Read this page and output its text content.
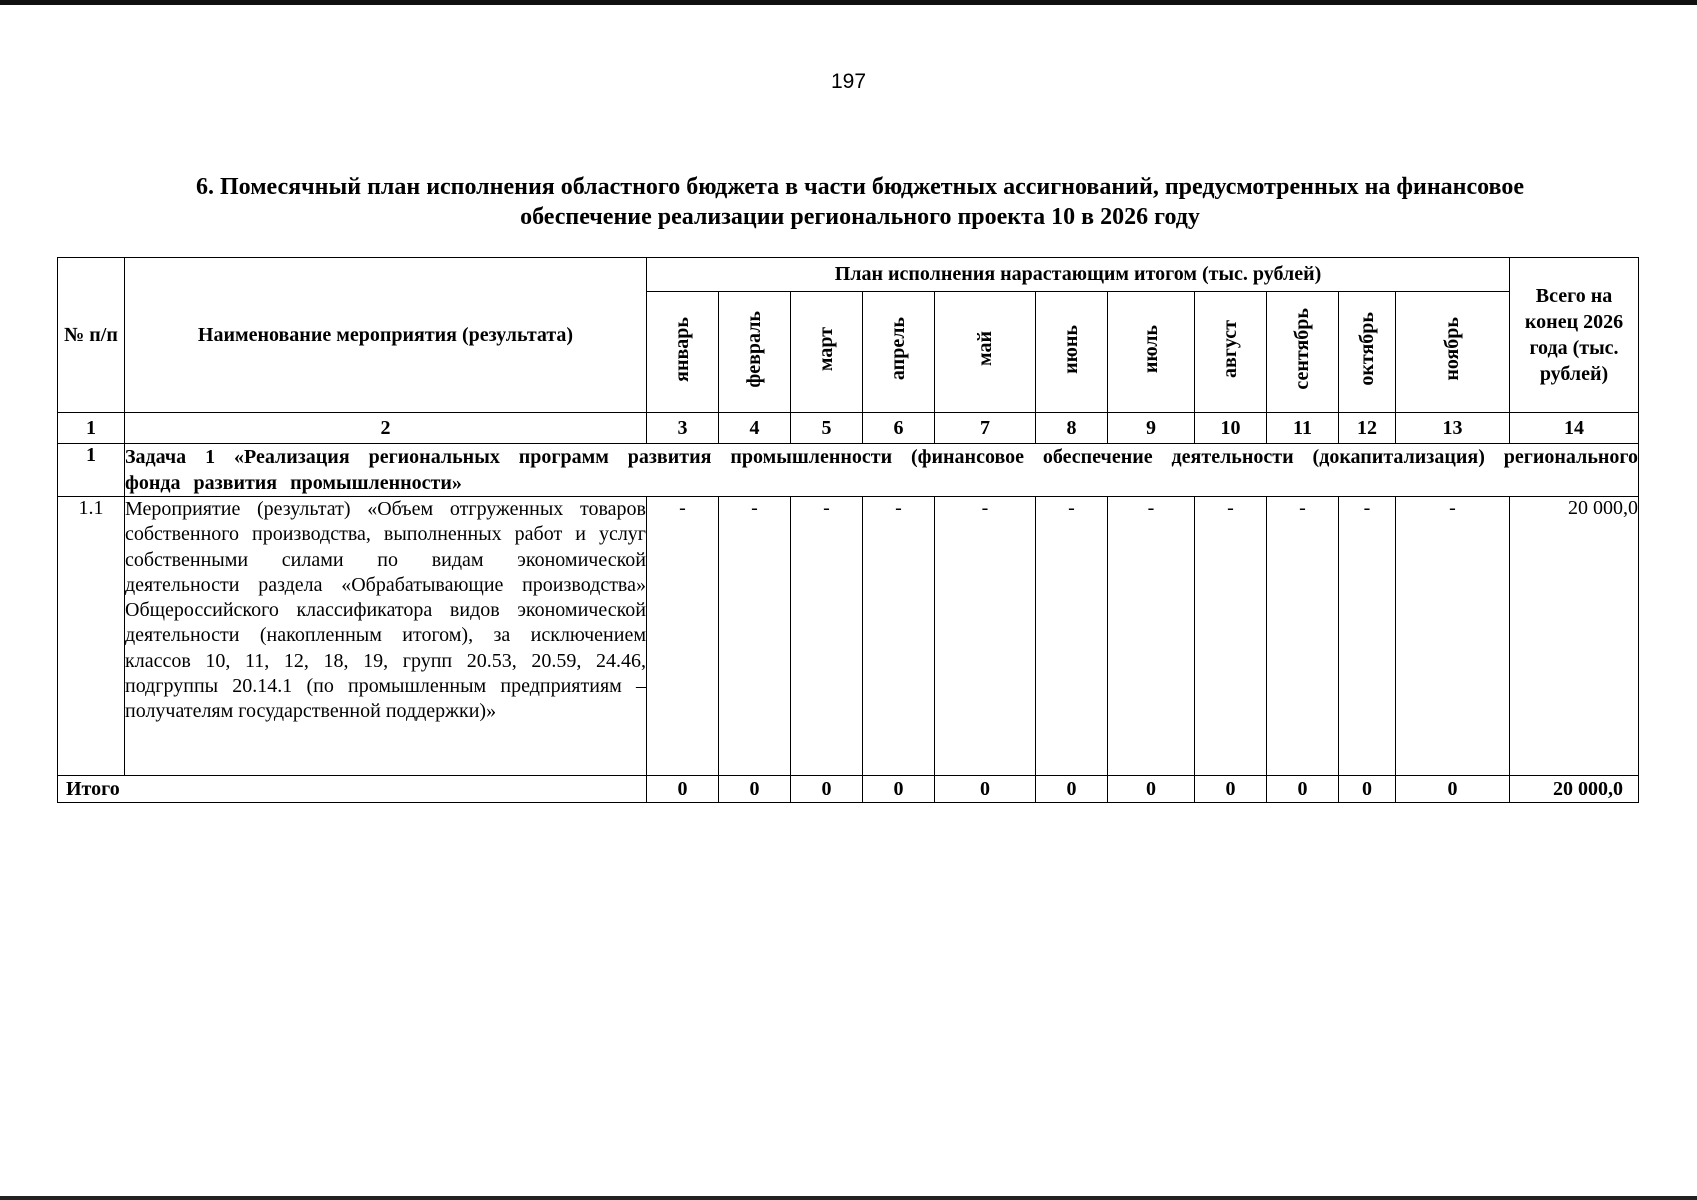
197
6. Помесячный план исполнения областного бюджета в части бюджетных ассигнований, предусмотренных на финансовое
обеспечение реализации регионального проекта 10 в 2026 году
№ п/п	Наименование мероприятия (результата)	План исполнения нарастающим итогом (тыс. рублей)											Всего на конец 2026 года (тыс. рублей)
		январь	февраль	март	апрель	май	июнь	июль	август	сентябрь	октябрь	ноябрь	
1	2	3	4	5	6	7	8	9	10	11	12	13	14
1	Задача 1 «Реализация региональных программ развития промышленности (финансовое обеспечение деятельности (докапитализация) регионального фонда развития промышленности»												
1.1	Мероприятие (результат) «Объем отгруженных товаров собственного производства, выполненных работ и услуг собственными силами по видам экономической деятельности раздела «Обрабатывающие производства» Общероссийского классификатора видов экономической деятельности (накопленным итогом), за исключением классов 10, 11, 12, 18, 19, групп 20.53, 20.59, 24.46, подгруппы 20.14.1 (по промышленным предприятиям – получателям государственной поддержки)»	-	-	-	-	-	-	-	-	-	-	-	20 000,0
Итого		0	0	0	0	0	0	0	0	0	0	0	20 000,0
